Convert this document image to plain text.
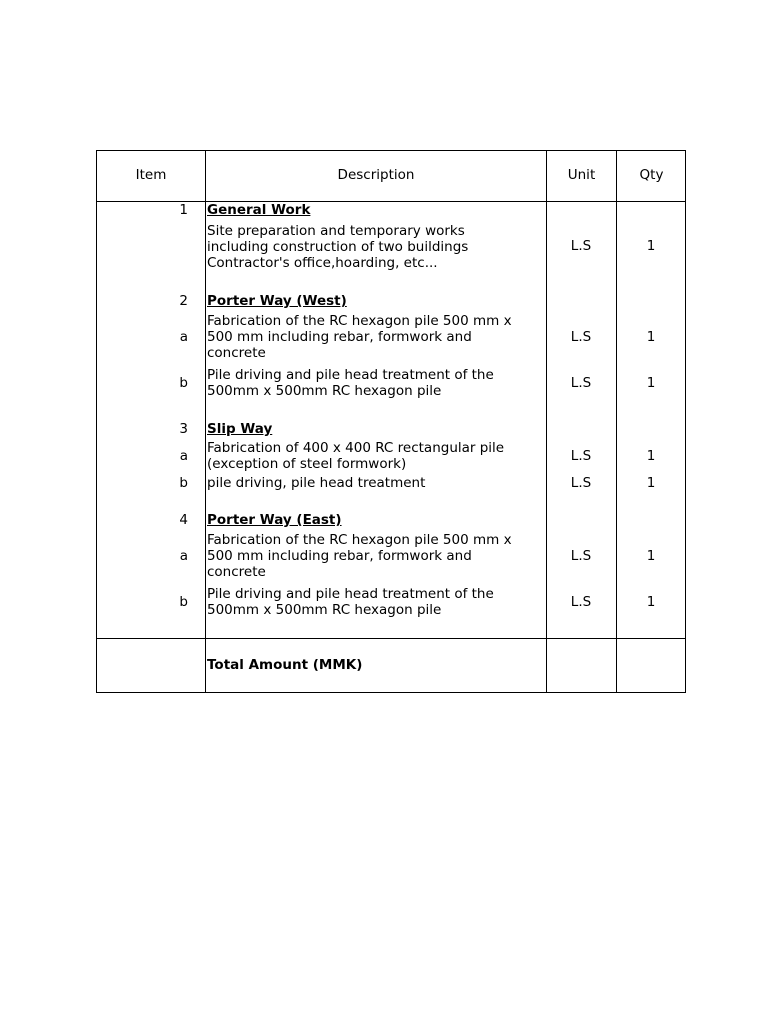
Item	Description	Unit	Qty
1 General Work
Site preparation and temporary works
including construction of two buildings
Contractor's office,hoarding, etc...
L.S	1
2 Porter Way (West)
a
Fabrication of the RC hexagon pile 500 mm x
500 mm including rebar, formwork and
concrete
L.S	1
b Pile driving and pile head treatment of the
500mm x 500mm RC hexagon pile	L.S	1
3 Slip Way
a Fabrication of 400 x 400 RC rectangular pile
(exception of steel formwork)	L.S	1
b pile driving, pile head treatment	L.S	1
4 Porter Way (East)
a
Fabrication of the RC hexagon pile 500 mm x
500 mm including rebar, formwork and
concrete
L.S	1
b Pile driving and pile head treatment of the
500mm x 500mm RC hexagon pile	L.S	1
Total Amount (MMK)
